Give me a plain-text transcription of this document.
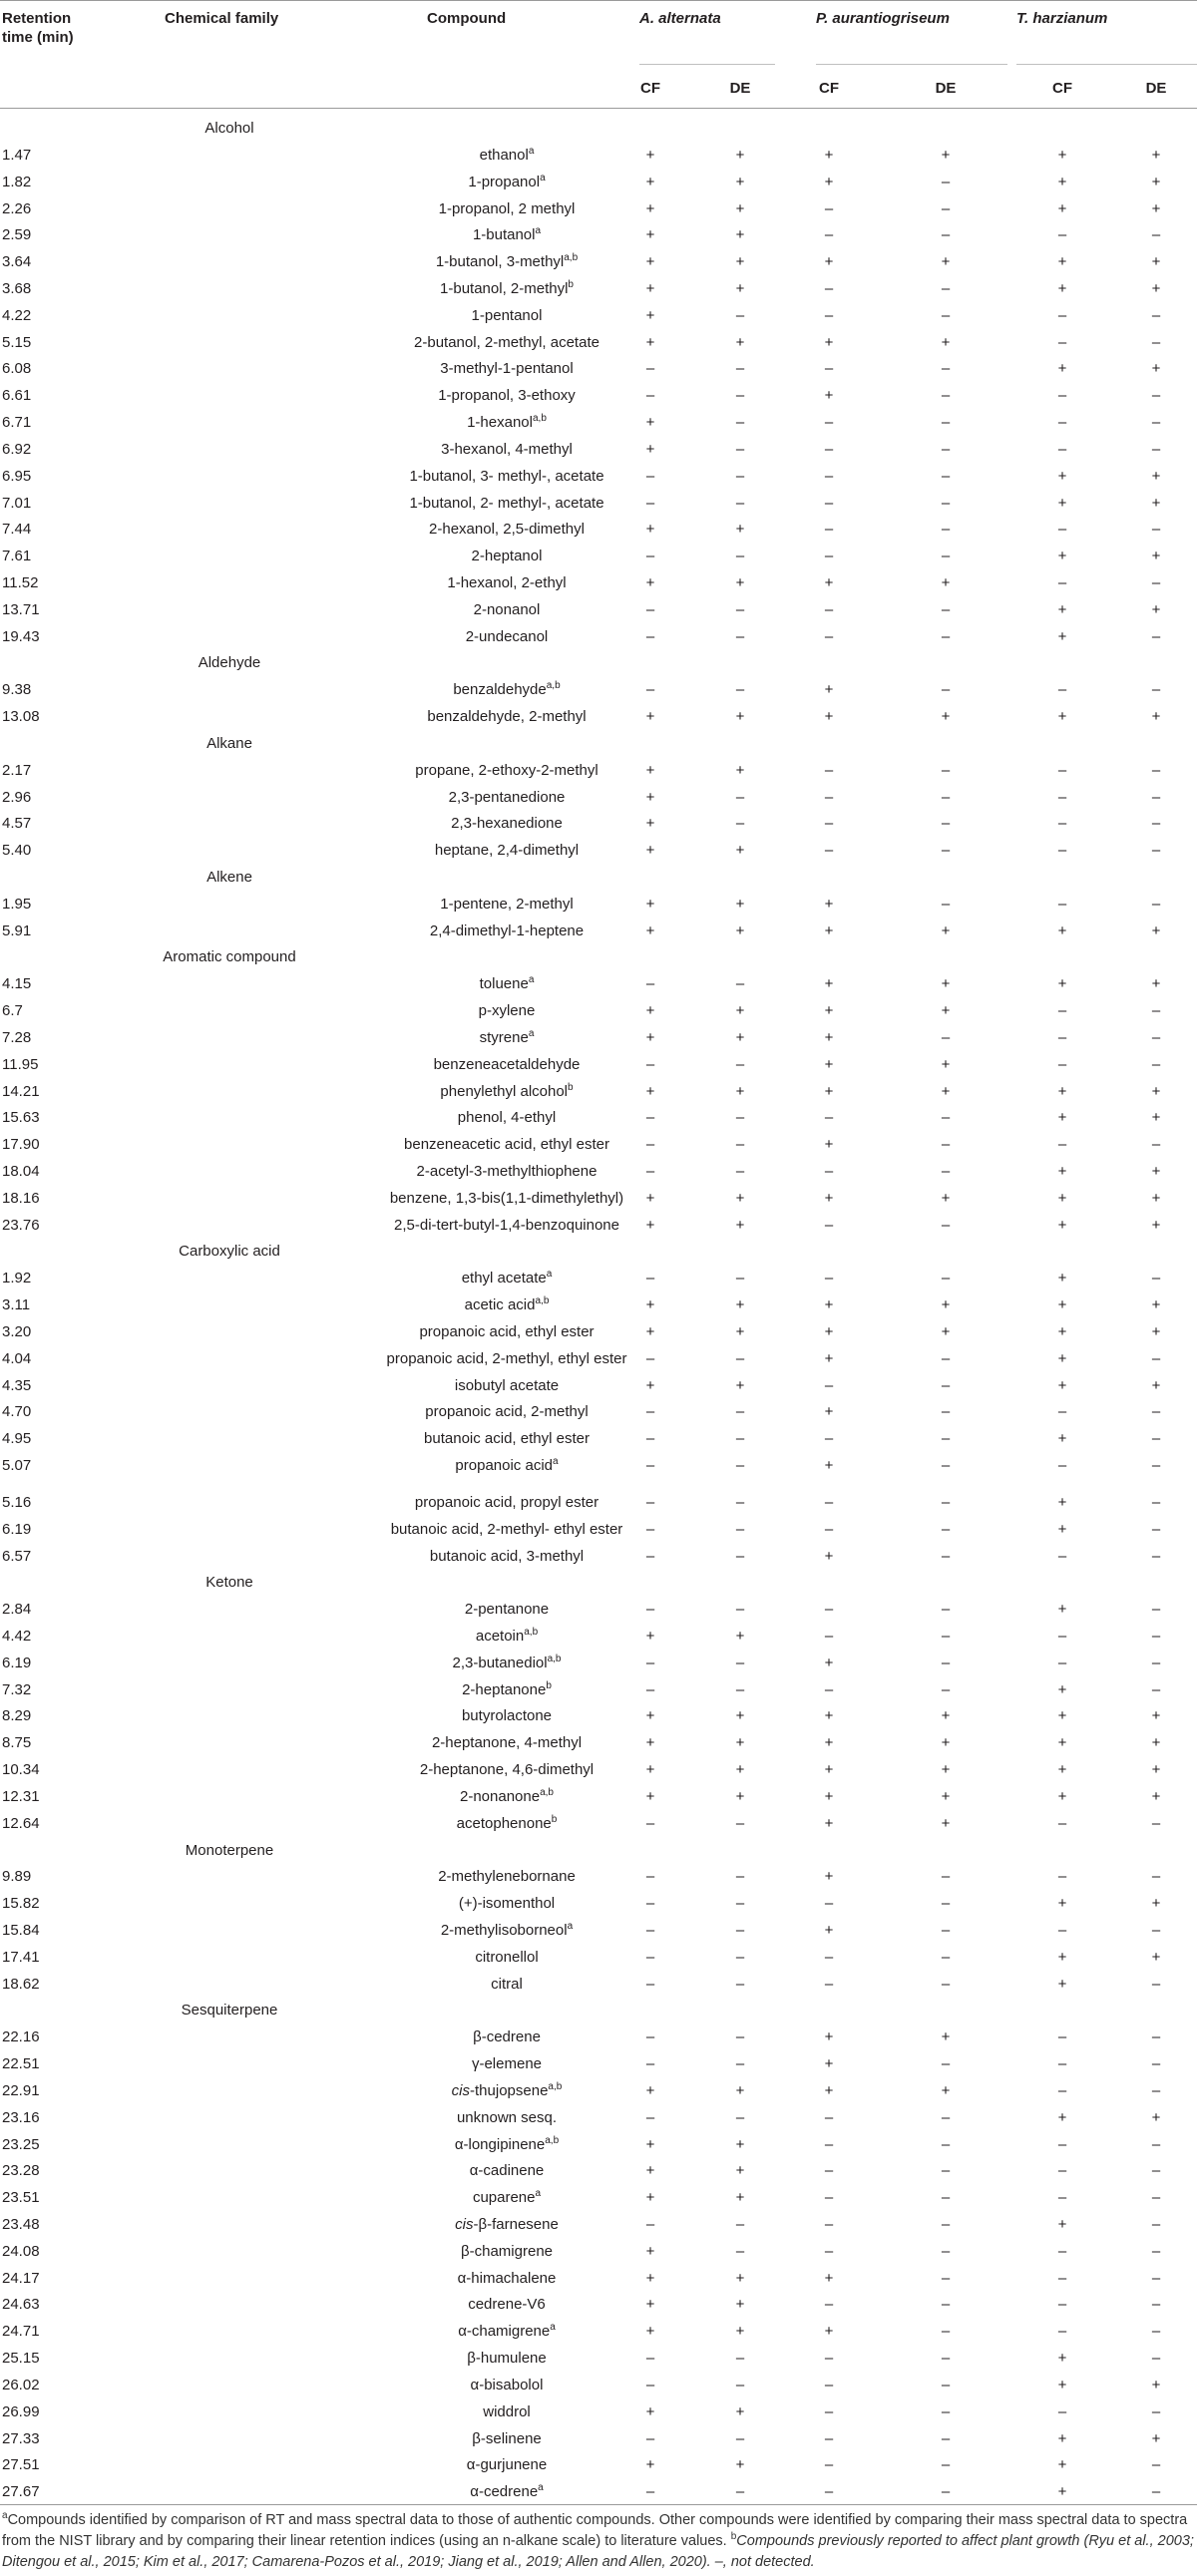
Retention time (min)
Chemical family	Compound	A. alternata	P. aurantiogriseum	T. harzianum
CF	DE	CF	DE	CF	DE
Alcohol
1.47	ethanol$^a$	+	+	+	+	+	+
1.82	1-propanol$^a$	+	+	+	–	+	+
2.26	1-propanol, 2 methyl	+	+	–	–	+	+
2.59	1-butanol$^a$	+	+	–	–	–	–
3.64	1-butanol, 3-methyl$^{a,b}$	+	+	+	+	+	+
3.68	1-butanol, 2-methyl$^b$	+	+	–	–	+	+
4.22	1-pentanol	+	–	–	–	–	–
5.15	2-butanol, 2-methyl, acetate	+	+	+	+	–	–
6.08	3-methyl-1-pentanol	–	–	–	–	+	+
6.61	1-propanol, 3-ethoxy	–	–	+	–	–	–
6.71	1-hexanol$^{a,b}$	+	–	–	–	–	–
6.92	3-hexanol, 4-methyl	+	–	–	–	–	–
6.95	1-butanol, 3- methyl-, acetate	–	–	–	–	+	+
7.01	1-butanol, 2- methyl-, acetate	–	–	–	–	+	+
7.44	2-hexanol, 2,5-dimethyl	+	+	–	–	–	–
7.61	2-heptanol	–	–	–	–	+	+
11.52	1-hexanol, 2-ethyl	+	+	+	+	–	–
13.71	2-nonanol	–	–	–	–	+	+
19.43	2-undecanol	–	–	–	–	+	–
Aldehyde
9.38	benzaldehyde$^{a,b}$	–	–	+	–	–	–
13.08	benzaldehyde, 2-methyl	+	+	+	+	+	+
Alkane
2.17	propane, 2-ethoxy-2-methyl	+	+	–	–	–	–
2.96	2,3-pentanedione	+	–	–	–	–	–
4.57	2,3-hexanedione	+	–	–	–	–	–
5.40	heptane, 2,4-dimethyl	+	+	–	–	–	–
Alkene
1.95	1-pentene, 2-methyl	+	+	+	–	–	–
5.91	2,4-dimethyl-1-heptene	+	+	+	+	+	+
Aromatic compound
4.15	toluene$^a$	–	–	+	+	+	+
6.7	p-xylene	+	+	+	+	–	–
7.28	styrene$^a$	+	+	+	–	–	–
11.95	benzeneacetaldehyde	–	–	+	+	–	–
14.21	phenylethyl alcohol$^b$	+	+	+	+	+	+
15.63	phenol, 4-ethyl	–	–	–	–	+	+
17.90	benzeneacetic acid, ethyl ester	–	–	+	–	–	–
18.04	2-acetyl-3-methylthiophene	–	–	–	–	+	+
18.16	benzene, 1,3-bis(1,1-dimethylethyl)	+	+	+	+	+	+
23.76	2,5-di-tert-butyl-1,4-benzoquinone	+	+	–	–	+	+
Carboxylic acid
1.92	ethyl acetate$^a$	–	–	–	–	+	–
3.11	acetic acid$^{a,b}$	+	+	+	+	+	+
3.20	propanoic acid, ethyl ester	+	+	+	+	+	+
4.04	propanoic acid, 2-methyl, ethyl ester	–	–	+	–	+	–
4.35	isobutyl acetate	+	+	–	–	+	+
4.70	propanoic acid, 2-methyl	–	–	+	–	–	–
4.95	butanoic acid, ethyl ester	–	–	–	–	+	–
5.07	propanoic acid$^a$	–	–	+	–	–	–
5.16	propanoic acid, propyl ester	–	–	–	–	+	–
6.19	butanoic acid, 2-methyl- ethyl ester	–	–	–	–	+	–
6.57	butanoic acid, 3-methyl	–	–	+	–	–	–
Ketone
2.84	2-pentanone	–	–	–	–	+	–
4.42	acetoin$^{a,b}$	+	+	–	–	–	–
6.19	2,3-butanediol$^{a,b}$	–	–	+	–	–	–
7.32	2-heptanone$^b$	–	–	–	–	+	–
8.29	butyrolactone	+	+	+	+	+	+
8.75	2-heptanone, 4-methyl	+	+	+	+	+	+
10.34	2-heptanone, 4,6-dimethyl	+	+	+	+	+	+
12.31	2-nonanone$^{a,b}$	+	+	+	+	+	+
12.64	acetophenone$^b$	–	–	+	+	–	–
Monoterpene
9.89	2-methylenebornane	–	–	+	–	–	–
15.82	(+)-isomenthol	–	–	–	–	+	+
15.84	2-methylisoborneol$^a$	–	–	+	–	–	–
17.41	citronellol	–	–	–	–	+	+
18.62	citral	–	–	–	–	+	–
Sesquiterpene
22.16	β-cedrene	–	–	+	+	–	–
22.51	γ-elemene	–	–	+	–	–	–
22.91	cis-thujopsene$^{a,b}$	+	+	+	+	–	–
23.16	unknown sesq.	–	–	–	–	+	+
23.25	α-longipinene$^{a,b}$	+	+	–	–	–	–
23.28	α-cadinene	+	+	–	–	–	–
23.51	cuparene$^a$	+	+	–	–	–	–
23.48	cis-β-farnesene	–	–	–	–	+	–
24.08	β-chamigrene	+	–	–	–	–	–
24.17	α-himachalene	+	+	+	–	–	–
24.63	cedrene-V6	+	+	–	–	–	–
24.71	α-chamigrene$^a$	+	+	+	–	–	–
25.15	β-humulene	–	–	–	–	+	–
26.02	α-bisabolol	–	–	–	–	+	+
26.99	widdrol	+	+	–	–	–	–
27.33	β-selinene	–	–	–	–	+	+
27.51	α-gurjunene	+	+	–	–	+	–
27.67	α-cedrene$^a$	–	–	–	–	+	–
$^a$Compounds identified by comparison of RT and mass spectral data to those of authentic compounds. Other compounds were identified by comparing their mass spectral data to spectra from the NIST library and by comparing their linear retention indices (using an n-alkane scale) to literature values. $^b$Compounds previously reported to affect plant growth (Ryu et al., 2003; Ditengou et al., 2015; Kim et al., 2017; Camarena-Pozos et al., 2019; Jiang et al., 2019; Allen and Allen, 2020). –, not detected.
